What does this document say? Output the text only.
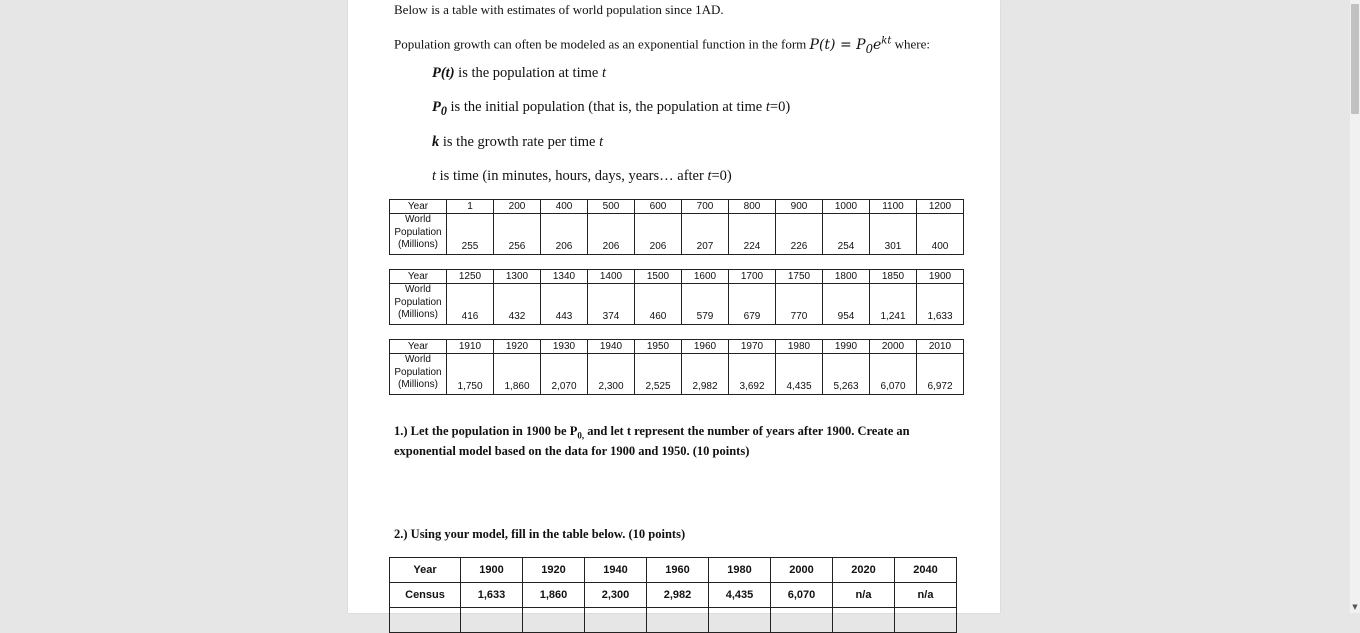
Below is a table with estimates of world population since 1AD.
Population growth can often be modeled as an exponential function in the form $P(t) = P_0e^{kt}$ where:
P(t) is the population at time t
$P_0$ is the initial population (that is, the population at time t=0)
k is the growth rate per time t
t is time (in minutes, hours, days, years… after t=0)
Year	1	200	400	500	600	700	800	900	1000	1100	1200

World
Population
(Millions)	255	256	206	206	206	207	224	226	254	301	400
Year	1250	1300	1340	1400	1500	1600	1700	1750	1800	1850	1900

World
Population
(Millions)	416	432	443	374	460	579	679	770	954	1,241	1,633
Year	1910	1920	1930	1940	1950	1960	1970	1980	1990	2000	2010

World
Population
(Millions)	1,750	1,860	2,070	2,300	2,525	2,982	3,692	4,435	5,263	6,070	6,972
1.) Let the population in 1900 be $P_{0,}$ and let t represent the number of years after 1900. Create an
exponential model based on the data for 1900 and 1950. (10 points)
2.) Using your model, fill in the table below. (10 points)
Year	1900	1920	1940	1960	1980	2000	2020	2040
Census	1,633	1,860	2,300	2,982	4,435	6,070	n/a	n/a

▼
